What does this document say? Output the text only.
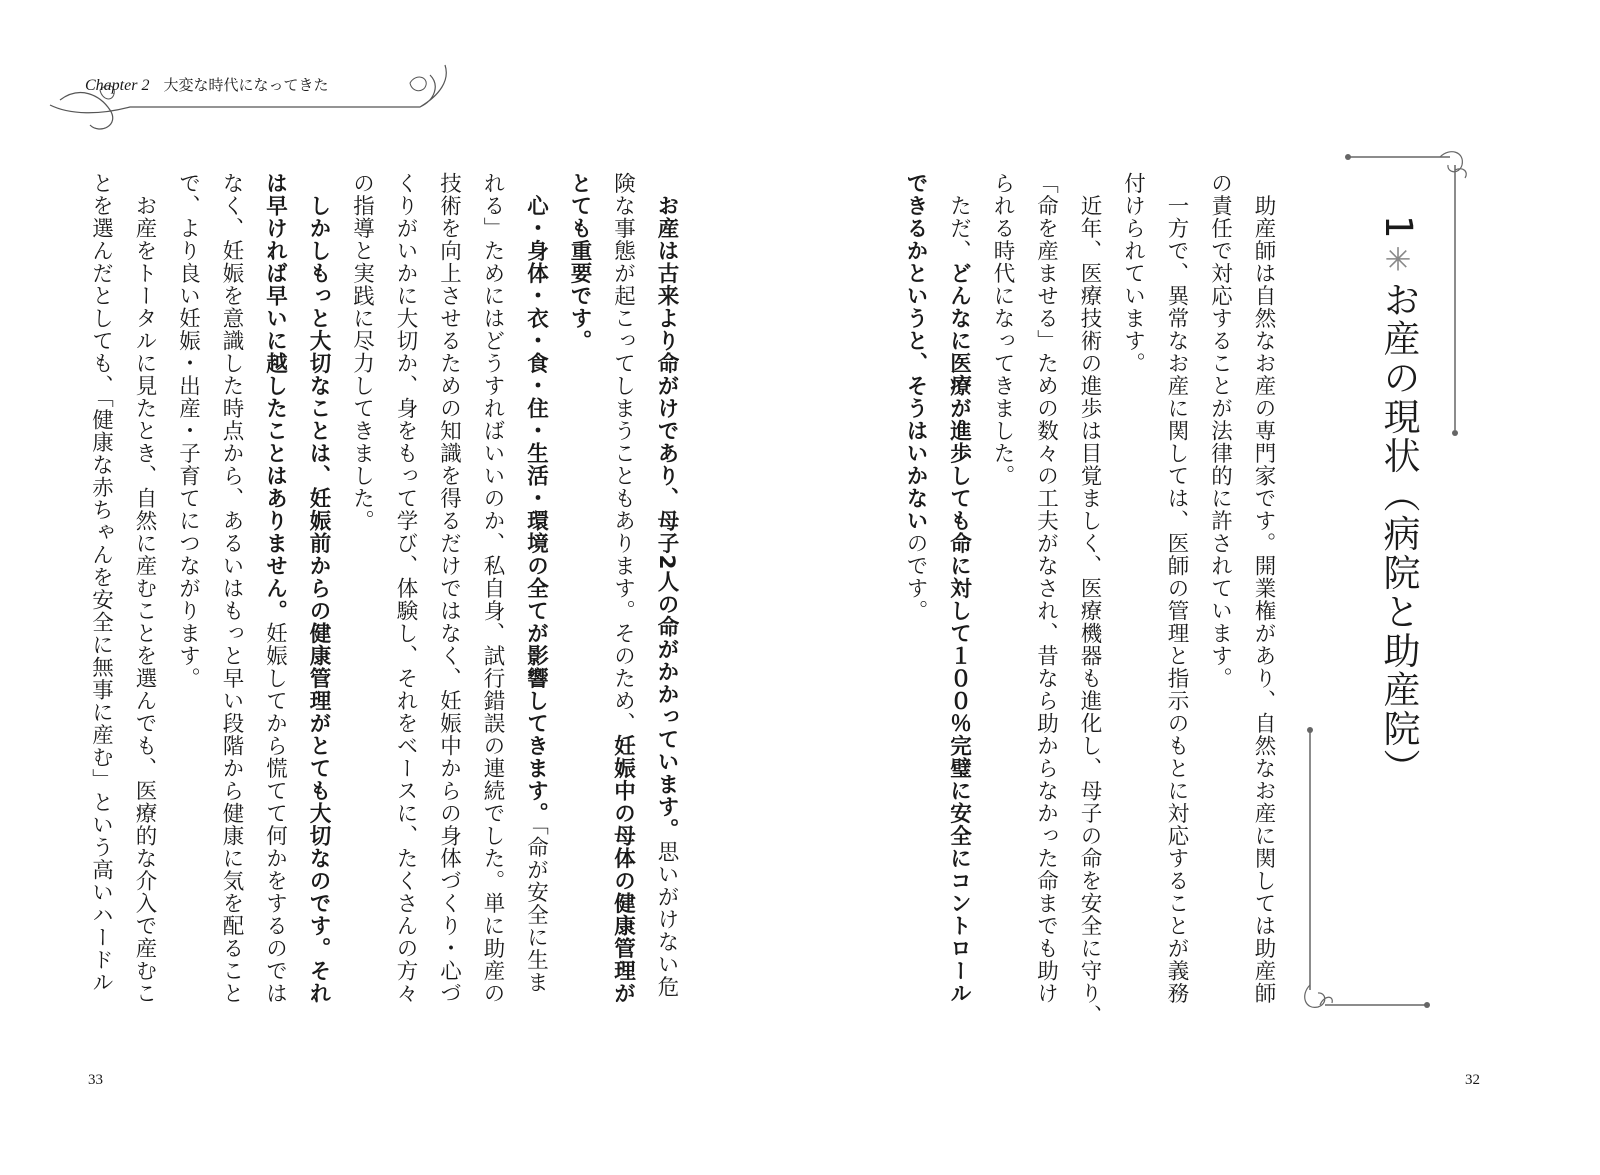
Chapter 2 大変な時代になってきた
　お産は古来より命がけであり、母子2人の命がかかっています。思いがけない危
険な事態が起こってしまうこともあります。そのため、妊娠中の母体の健康管理が
とても重要です。
　心・身体・衣・食・住・生活・環境の全てが影響してきます。「命が安全に生ま
れる」ためにはどうすればいいのか、私自身、試行錯誤の連続でした。単に助産の
技術を向上させるための知識を得るだけではなく、妊娠中からの身体づくり・心づ
くりがいかに大切か、身をもって学び、体験し、それをベースに、たくさんの方々
の指導と実践に尽力してきました。
　しかしもっと大切なことは、妊娠前からの健康管理がとても大切なのです。それ
は早ければ早いに越したことはありません。妊娠してから慌てて何かをするのでは
なく、妊娠を意識した時点から、あるいはもっと早い段階から健康に気を配ること
で、より良い妊娠・出産・子育てにつながります。
　お産をトータルに見たとき、自然に産むことを選んでも、医療的な介入で産むこ
とを選んだとしても、「健康な赤ちゃんを安全に無事に産む」という高いハードル
33
1✳お産の現状（病院と助産院）
　助産師は自然なお産の専門家です。開業権があり、自然なお産に関しては助産師
の責任で対応することが法律的に許されています。
　一方で、異常なお産に関しては、医師の管理と指示のもとに対応することが義務
付けられています。
　近年、医療技術の進歩は目覚ましく、医療機器も進化し、母子の命を安全に守り、
「命を産ませる」ための数々の工夫がなされ、昔なら助からなかった命までも助け
られる時代になってきました。
　ただ、どんなに医療が進歩しても命に対して１００％完璧に安全にコントロール
できるかというと、そうはいかないのです。
32
